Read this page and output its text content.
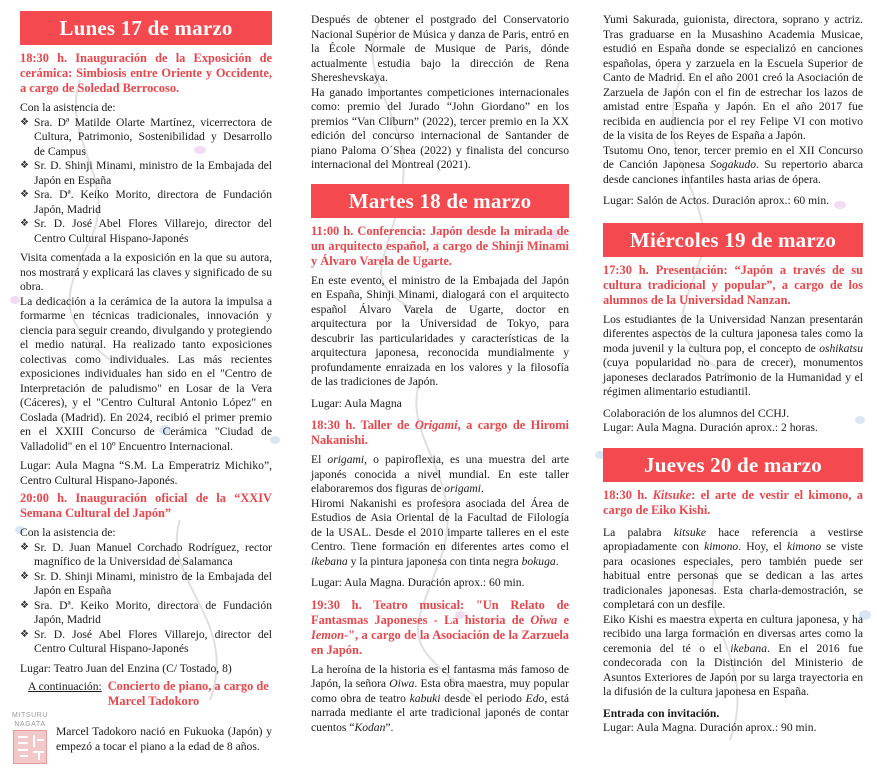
Lunes 17 de marzo
18:30 h. Inauguración de la Exposición de cerámica: Simbiosis entre Oriente y Occidente, a cargo de Soledad Berrocoso.

Con la asistencia de:

❖ Sra. Dª Matilde Olarte Martínez, vicerrectora de Cultura, Patrimonio, Sostenibilidad y Desarrollo de Campus
❖ Sr. D. Shinji Minami, ministro de la Embajada del Japón en España
❖ Sra. Dª. Keiko Morito, directora de Fundación Japón, Madrid
❖ Sr. D. José Abel Flores Villarejo, director del Centro Cultural Hispano-Japonés

Visita comentada a la exposición en la que su autora, nos mostrará y explicará las claves y significado de su obra.

La dedicación a la cerámica de la autora la impulsa a formarme en técnicas tradicionales, innovación y ciencia para seguir creando, divulgando y protegiendo el medio natural. Ha realizado tanto exposiciones colectivas como individuales. Las más recientes exposiciones individuales han sido en el "Centro de Interpretación de paludismo" en Losar de la Vera (Cáceres), y el "Centro Cultural Antonio López" en Coslada (Madrid). En 2024, recibió el primer premio en el XXIII Concurso de Cerámica "Ciudad de Valladolid" en el 10º Encuentro Internacional.

Lugar: Aula Magna “S.M. La Emperatriz Michiko”, Centro Cultural Hispano-Japonés.

20:00 h. Inauguración oficial de la “XXIV Semana Cultural del Japón”

Con la asistencia de:

❖ Sr. D. Juan Manuel Corchado Rodríguez, rector magnífico de la Universidad de Salamanca
❖ Sr. D. Shinji Minami, ministro de la Embajada del Japón en España
❖ Sra. Dª. Keiko Morito, directora de Fundación Japón, Madrid
❖ Sr. D. José Abel Flores Villarejo, director del Centro Cultural Hispano-Japonés

Lugar: Teatro Juan del Enzina (C/ Tostado, 8)

A continuación: Concierto de piano, a cargo de Marcel Tadokoro
MITSURU
NAGATA

Marcel Tadokoro nació en Fukuoka (Japón) y empezó a tocar el piano a la edad de 8 años.

Después de obtener el postgrado del Conservatorio Nacional Superior de Música y danza de Paris, entró en la École Normale de Musique de Paris, dónde actualmente estudia bajo la dirección de Rena Shereshevskaya.

Ha ganado importantes competiciones internacionales como: premio del Jurado “John Giordano” en los premios “Van Cliburn” (2022), tercer premio en la XX edición del concurso internacional de Santander de piano Paloma O´Shea (2022) y finalista del concurso internacional del Montreal (2021).

Martes 18 de marzo
11:00 h. Conferencia: Japón desde la mirada de un arquitecto español, a cargo de Shinji Minami y Álvaro Varela de Ugarte.

En este evento, el ministro de la Embajada del Japón en España, Shinji Minami, dialogará con el arquitecto español Álvaro Varela de Ugarte, doctor en arquitectura por la Universidad de Tokyo, para descubrir las particularidades y características de la arquitectura japonesa, reconocida mundialmente y profundamente enraizada en los valores y la filosofía de las tradiciones de Japón.

Lugar: Aula Magna

18:30 h. Taller de Origami, a cargo de Hiromi Nakanishi.

El origami, o papiroflexia, es una muestra del arte japonés conocida a nivel mundial. En este taller elaboraremos dos figuras de origami.

Hiromi Nakanishi es profesora asociada del Área de Estudios de Asia Oriental de la Facultad de Filología de la USAL. Desde el 2010 imparte talleres en el este Centro. Tiene formación en diferentes artes como el ikebana y la pintura japonesa con tinta negra bokuga.

Lugar: Aula Magna. Duración aprox.: 60 min.

19:30 h. Teatro musical: "Un Relato de Fantasmas Japoneses - La historia de Oiwa e Iemon-", a cargo de la Asociación de la Zarzuela en Japón.

La heroína de la historia es el fantasma más famoso de Japón, la señora Oiwa. Esta obra maestra, muy popular como obra de teatro kabuki desde el periodo Edo, está narrada mediante el arte tradicional japonés de contar cuentos “Kodan”.

Yumi Sakurada, guionista, directora, soprano y actriz. Tras graduarse en la Musashino Academia Musicae, estudió en España donde se especializó en canciones españolas, ópera y zarzuela en la Escuela Superior de Canto de Madrid. En el año 2001 creó la Asociación de Zarzuela de Japón con el fin de estrechar los lazos de amistad entre España y Japón. En el año 2017 fue recibida en audiencia por el rey Felipe VI con motivo de la visita de los Reyes de España a Japón.

Tsutomu Ono, tenor, tercer premio en el XII Concurso de Canción Japonesa Sogakudo. Su repertorio abarca desde canciones infantiles hasta arias de ópera.

Lugar: Salón de Actos. Duración aprox.: 60 min.

Miércoles 19 de marzo
17:30 h. Presentación: “Japón a través de su cultura tradicional y popular”, a cargo de los alumnos de la Universidad Nanzan.

Los estudiantes de la Universidad Nanzan presentarán diferentes aspectos de la cultura japonesa tales como la moda juvenil y la cultura pop, el concepto de oshikatsu (cuya popularidad no para de crecer), monumentos japoneses declarados Patrimonio de la Humanidad y el régimen alimentario estudiantil.

Colaboración de los alumnos del CCHJ.

Lugar: Aula Magna. Duración aprox.: 2 horas.

Jueves 20 de marzo
18:30 h. Kitsuke: el arte de vestir el kimono, a cargo de Eiko Kishi.

La palabra kitsuke hace referencia a vestirse apropiadamente con kimono. Hoy, el kimono se viste para ocasiones especiales, pero también puede ser habitual entre personas que se dedican a las artes tradicionales japonesas. Esta charla-demostración, se completará con un desfile.

Eiko Kishi es maestra experta en cultura japonesa, y ha recibido una larga formación en diversas artes como la ceremonia del té o el ikebana. En el 2016 fue condecorada con la Distinción del Ministerio de Asuntos Exteriores de Japón por su larga trayectoria en la difusión de la cultura japonesa en España.

Entrada con invitación.

Lugar: Aula Magna. Duración aprox.: 90 min.
